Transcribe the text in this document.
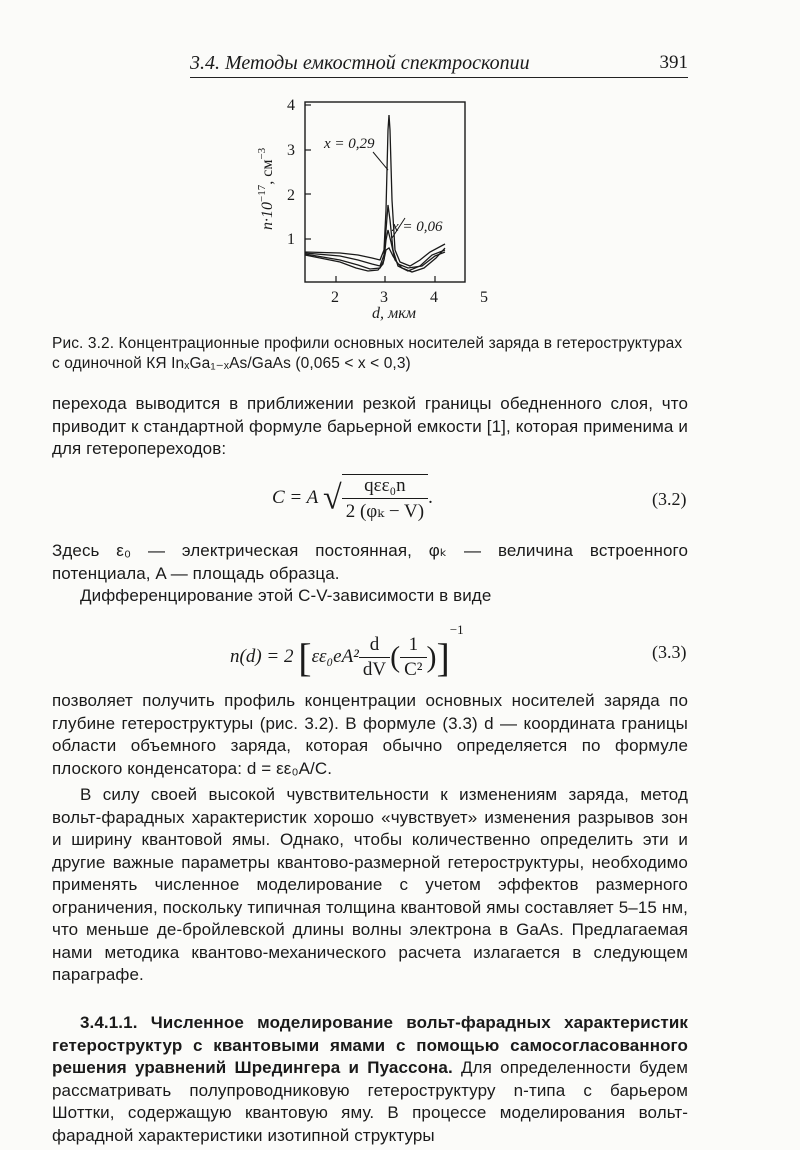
3.4. Методы емкостной спектроскопии	391
4
3
2
1
2	3	4	5
d, мкм
$n\cdot 10^{-17}$, $см^{-3}$
x = 0,29
x = 0,06
Рис. 3.2. Концентрационные профили основных носителей заряда в гетероструктурах с одиночной КЯ InₓGa₁₋ₓAs/GaAs (0,065 < x < 0,3)
перехода выводится в приближении резкой границы обедненного слоя, что приводит к стандартной формуле барьерной емкости [1], которая применима и для гетеропереходов:
C = A √ $\frac{\text{qεε₀n}}{\text{2 (φₖ − V)}}$ .	(3.2)
Здесь ε₀ — электрическая постоянная, φₖ — величина встроенного потенциала, A — площадь образца.
Дифференцирование этой C-V-зависимости в виде
n(d) = 2 [$\varepsilon\varepsilon_0eA^2 \frac{d}{dV}$ ( $\frac{1}{\text{C²}} )]^{-1}$
(3.3)
позволяет получить профиль концентрации основных носителей заряда по глубине гетероструктуры (рис. 3.2). В формуле (3.3) d — координата границы области объемного заряда, которая обычно определяется по формуле плоского конденсатора: d = εε₀A/C.
В силу своей высокой чувствительности к изменениям заряда, метод вольт-фарадных характеристик хорошо «чувствует» изменения разрывов зон и ширину квантовой ямы. Однако, чтобы количественно определить эти и другие важные параметры квантово-размерной гетероструктуры, необходимо применять численное моделирование с учетом эффектов размерного ограничения, поскольку типичная толщина квантовой ямы составляет 5–15 нм, что меньше де-бройлевской длины волны электрона в GaAs. Предлагаемая нами методика квантово-механического расчета излагается в следующем параграфе.
3.4.1.1. Численное моделирование вольт-фарадных характеристик гетероструктур с квантовыми ямами с помощью самосогласованного решения уравнений Шредингера и Пуассона. Для определенности будем рассматривать полупроводниковую гетероструктуру n-типа с барьером Шоттки, содержащую квантовую яму. В процессе моделирования вольт-фарадной характеристики изотипной структуры
